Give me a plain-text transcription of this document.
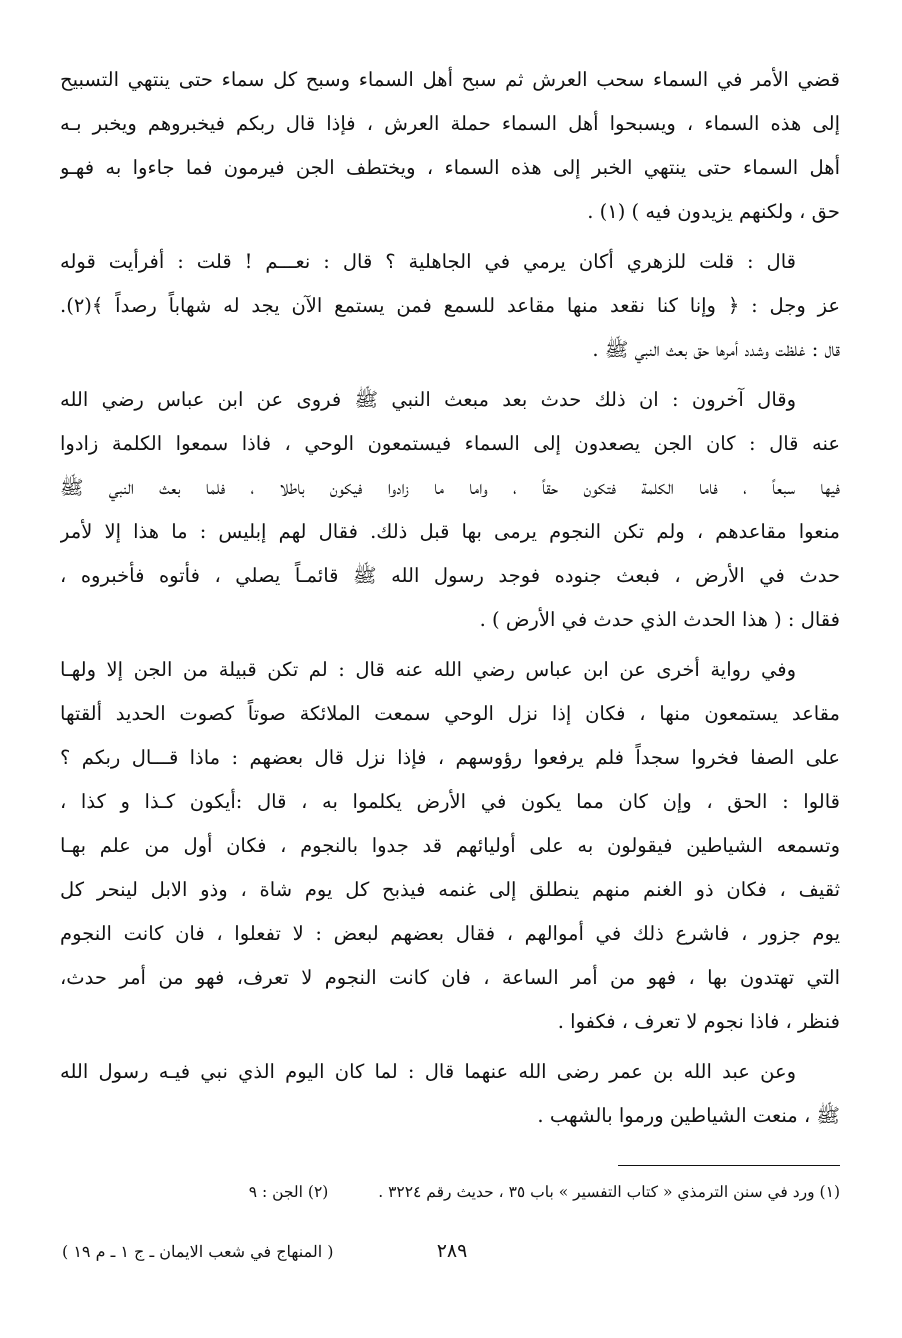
قضي الأمر في السماء سحب العرش ثم سبح أهل السماء وسبح كل سماء حتى ينتهي التسبيح
إلى هذه السماء ، ويسبحوا أهل السماء حملة العرش ، فإذا قال ربكم فيخبروهم ويخبر بـه
أهل السماء حتى ينتهي الخبر إلى هذه السماء ، ويختطف الجن فيرمون فما جاءوا به فهـو
حق ، ولكنهم يزيدون فيه ) (١) .
قال : قلت للزهري أكان يرمي في الجاهلية ؟ قال : نعـــم ! قلت : أفرأيت قوله
عز وجل : ﴿ وإنا كنا نقعد منها مقاعد للسمع فمن يستمع الآن يجد له شهاباً رصداً ﴾(٢).
قال : غلظت وشدد أمرها حق بعث النبي ﷺ .
وقال آخرون : ان ذلك حدث بعد مبعث النبي ﷺ فروى عن ابن عباس رضي الله
عنه قال : كان الجن يصعدون إلى السماء فيستمعون الوحي ، فاذا سمعوا الكلمة زادوا
فيها سبعاً ، فاما الكلمة فتكون حقاً ، واما ما زادوا فيكون باطلا ، فلما بعث النبي ﷺ
منعوا مقاعدهم ، ولم تكن النجوم يرمى بها قبل ذلك. فقال لهم إبليس : ما هذا إلا لأمر
حدث في الأرض ، فبعث جنوده فوجد رسول الله ﷺ قائمـاً يصلي ، فأتوه فأخبروه ،
فقال : ( هذا الحدث الذي حدث في الأرض ) .
وفي رواية أخرى عن ابن عباس رضي الله عنه قال : لم تكن قبيلة من الجن إلا ولهـا
مقاعد يستمعون منها ، فكان إذا نزل الوحي سمعت الملائكة صوتاً كصوت الحديد ألقتها
على الصفا فخروا سجداً فلم يرفعوا رؤوسهم ، فإذا نزل قال بعضهم : ماذا قـــال ربكم ؟
قالوا : الحق ، وإن كان مما يكون في الأرض يكلموا به ، قال :أيكون كـذا و كذا ،
وتسمعه الشياطين فيقولون به على أوليائهم قد جدوا بالنجوم ، فكان أول من علم بهـا
ثقيف ، فكان ذو الغنم منهم ينطلق إلى غنمه فيذبح كل يوم شاة ، وذو الابل لينحر كل
يوم جزور ، فاشرع ذلك في أموالهم ، فقال بعضهم لبعض : لا تفعلوا ، فان كانت النجوم
التي تهتدون بها ، فهو من أمر الساعة ، فان كانت النجوم لا تعرف، فهو من أمر حدث،
فنظر ، فاذا نجوم لا تعرف ، فكفوا .
وعن عبد الله بن عمر رضى الله عنهما قال : لما كان اليوم الذي نبي فيـه رسول الله
ﷺ ، منعت الشياطين ورموا بالشهب .
(١) ورد في سنن الترمذي « كتاب التفسير » باب ٣٥ ، حديث رقم ٣٢٢٤ .  (٢) الجن : ٩
٢٨٩
( المنهاج في شعب الايمان ـ ج ١ ـ م ١٩ )
